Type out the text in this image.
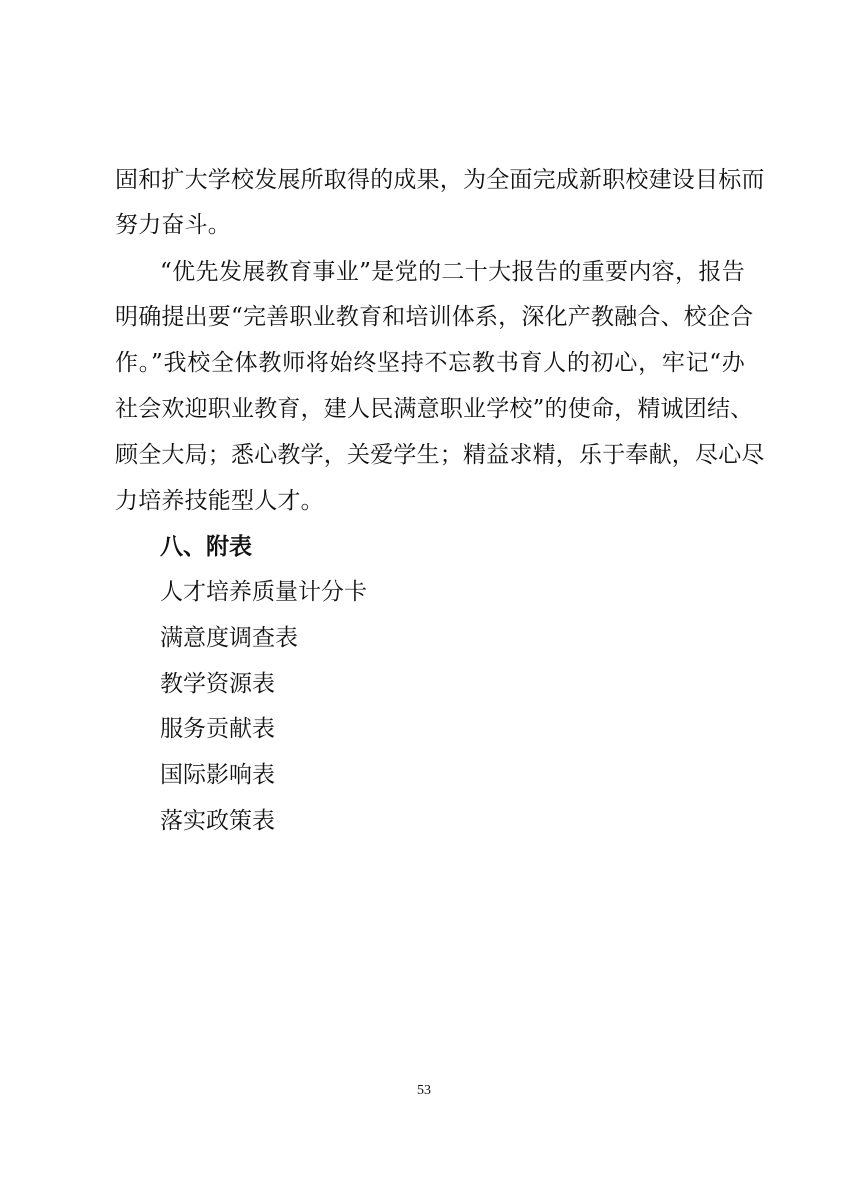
固和扩大学校发展所取得的成果，为全面完成新职校建设目标而
努力奋斗。
“优先发展教育事业”是党的二十大报告的重要内容，报告
明确提出要“完善职业教育和培训体系，深化产教融合、校企合
作。”我校全体教师将始终坚持不忘教书育人的初心，牢记“办
社会欢迎职业教育，建人民满意职业学校”的使命，精诚团结、
顾全大局；悉心教学，关爱学生；精益求精，乐于奉献，尽心尽
力培养技能型人才。
八、附表
人才培养质量计分卡
满意度调查表
教学资源表
服务贡献表
国际影响表
落实政策表
53
